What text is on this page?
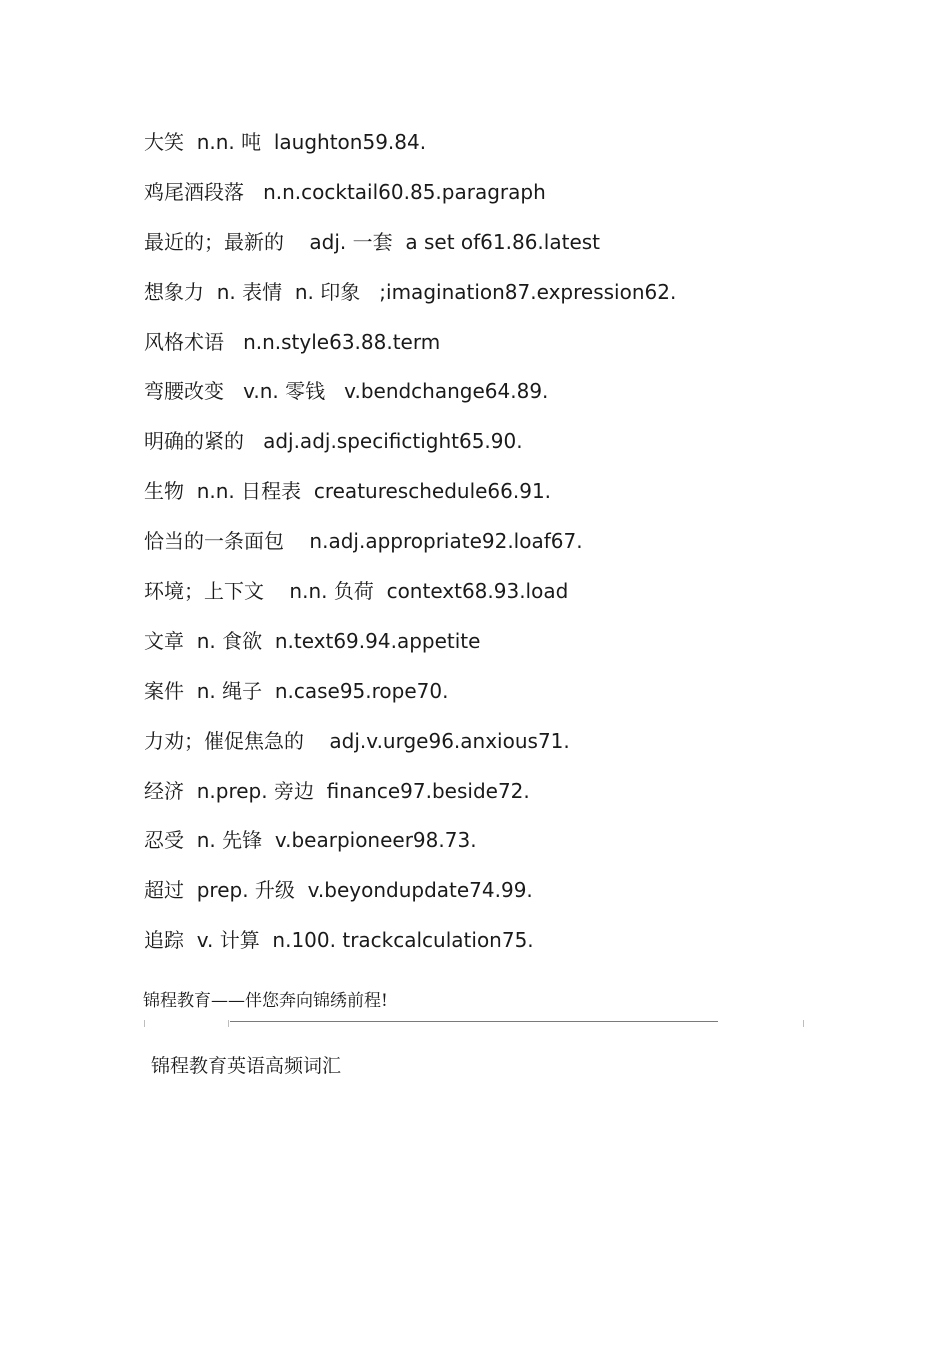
大笑  n.n. 吨  laughton59.84.
鸡尾酒段落   n.n.cocktail60.85.paragraph
最近的；最新的    adj. 一套  a set of61.86.latest
想象力  n. 表情  n. 印象   ;imagination87.expression62.
风格术语   n.n.style63.88.term
弯腰改变   v.n. 零钱   v.bendchange64.89.
明确的紧的   adj.adj.specifictight65.90.
生物  n.n. 日程表  creatureschedule66.91.
恰当的一条面包    n.adj.appropriate92.loaf67.
环境；上下文    n.n. 负荷  context68.93.load
文章  n. 食欲  n.text69.94.appetite
案件  n. 绳子  n.case95.rope70.
力劝；催促焦急的    adj.v.urge96.anxious71.
经济  n.prep. 旁边  finance97.beside72.
忍受  n. 先锋  v.bearpioneer98.73.
超过  prep. 升级  v.beyondupdate74.99.
追踪  v. 计算  n.100. trackcalculation75.
锦程教育——伴您奔向锦绣前程!
锦程教育英语高频词汇
